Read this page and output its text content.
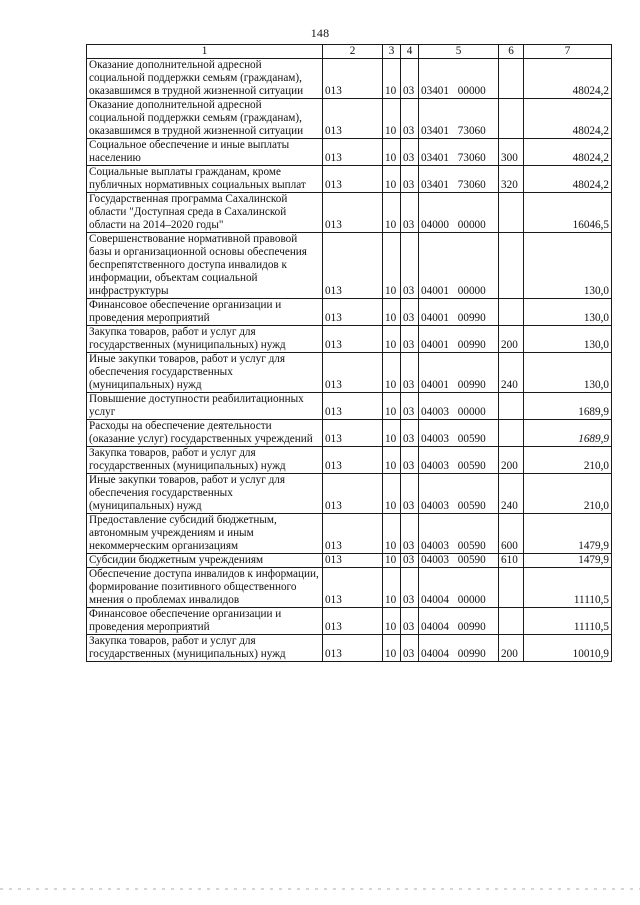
148
1	2	3	4	5	6	7
Оказание дополнительной адресной социальной поддержки семьям (гражданам), оказавшимся в трудной жизненной ситуации	013	10	03	03401 00000		48024,2
Оказание дополнительной адресной социальной поддержки семьям (гражданам), оказавшимся в трудной жизненной ситуации	013	10	03	03401 73060		48024,2
Социальное обеспечение и иные выплаты населению	013	10	03	03401 73060	300	48024,2
Социальные выплаты гражданам, кроме публичных нормативных социальных выплат	013	10	03	03401 73060	320	48024,2
Государственная программа Сахалинской области "Доступная среда в Сахалинской области на 2014–2020 годы"	013	10	03	04000 00000		16046,5
Совершенствование нормативной правовой базы и организационной основы обеспечения беспрепятственного доступа инвалидов к информации, объектам социальной инфраструктуры	013	10	03	04001 00000		130,0
Финансовое обеспечение организации и проведения мероприятий	013	10	03	04001 00990		130,0
Закупка товаров, работ и услуг для государственных (муниципальных) нужд	013	10	03	04001 00990	200	130,0
Иные закупки товаров, работ и услуг для обеспечения государственных (муниципальных) нужд	013	10	03	04001 00990	240	130,0
Повышение доступности реабилитационных услуг	013	10	03	04003 00000		1689,9
Расходы на обеспечение деятельности (оказание услуг) государственных учреждений	013	10	03	04003 00590		1689,9
Закупка товаров, работ и услуг для государственных (муниципальных) нужд	013	10	03	04003 00590	200	210,0
Иные закупки товаров, работ и услуг для обеспечения государственных (муниципальных) нужд	013	10	03	04003 00590	240	210,0
Предоставление субсидий бюджетным, автономным учреждениям и иным некоммерческим организациям	013	10	03	04003 00590	600	1479,9
Субсидии бюджетным учреждениям	013	10	03	04003 00590	610	1479,9
Обеспечение доступа инвалидов к информации, формирование позитивного общественного мнения о проблемах инвалидов	013	10	03	04004 00000		11110,5
Финансовое обеспечение организации и проведения мероприятий	013	10	03	04004 00990		11110,5
Закупка товаров, работ и услуг для государственных (муниципальных) нужд	013	10	03	04004 00990	200	10010,9
